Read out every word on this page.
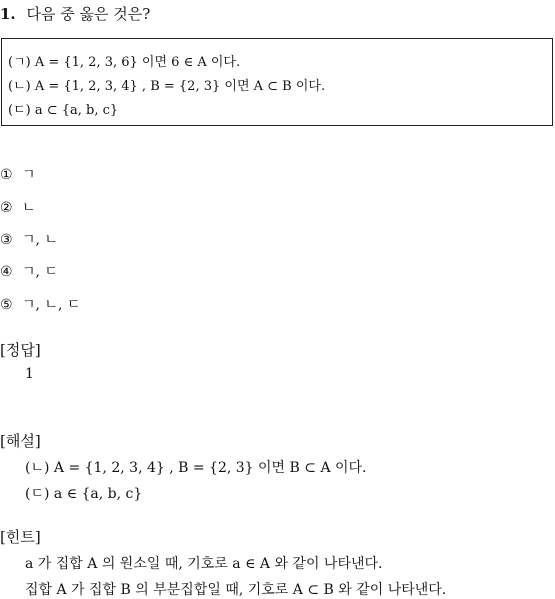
1. 다음 중 옳은 것은?
(ㄱ) A = {1, 2, 3, 6} 이면 6 ∈ A 이다.
(ㄴ) A = {1, 2, 3, 4} , B = {2, 3} 이면 A ⊂ B 이다.
(ㄷ) a ⊂ {a, b, c}
① ㄱ
② ㄴ
③ ㄱ, ㄴ
④ ㄱ, ㄷ
⑤ ㄱ, ㄴ, ㄷ
[정답]
1
[해설]
(ㄴ) A = {1, 2, 3, 4} , B = {2, 3} 이면 B ⊂ A 이다.
(ㄷ) a ∈ {a, b, c}
[힌트]
a 가 집합 A 의 원소일 때, 기호로 a ∈ A 와 같이 나타낸다.
집합 A 가 집합 B 의 부분집합일 때, 기호로 A ⊂ B 와 같이 나타낸다.
